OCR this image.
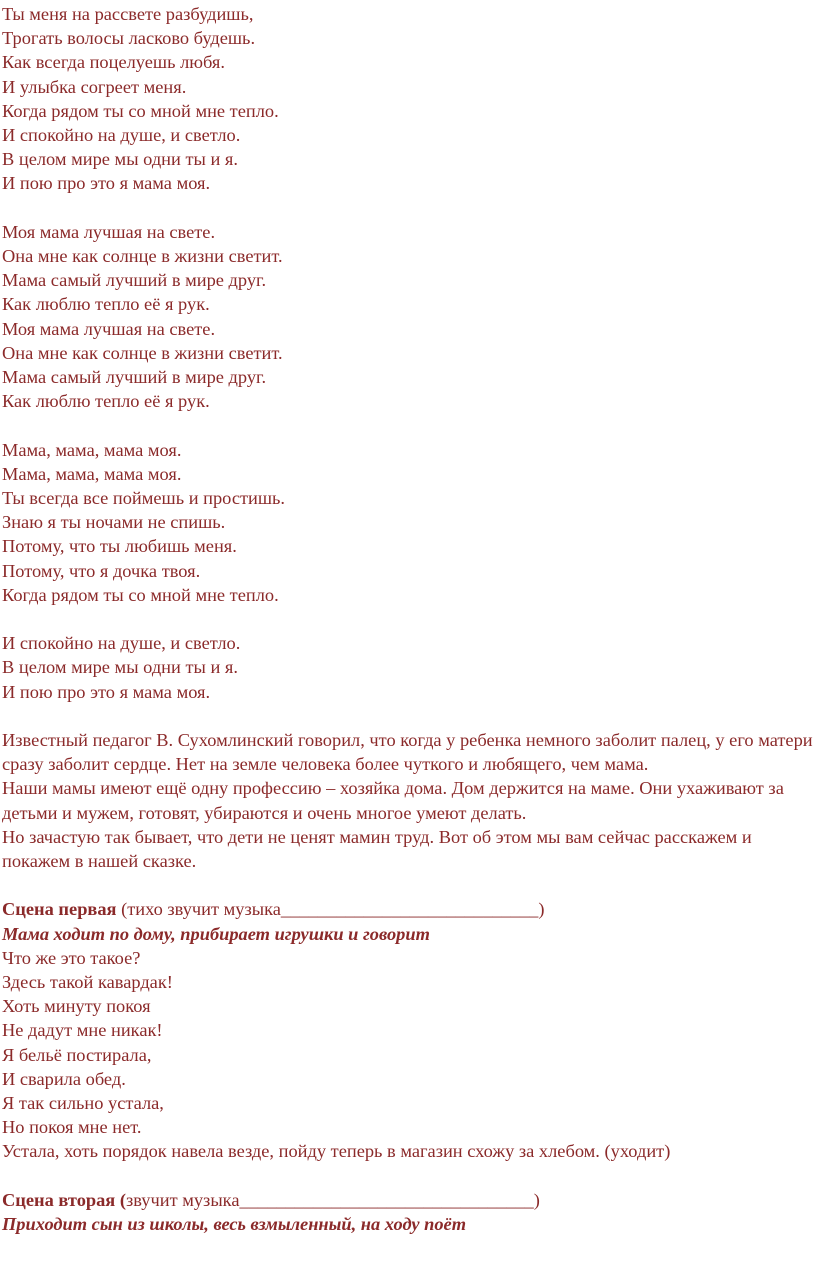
Ты меня на рассвете разбудишь,

Трогать волосы ласково будешь.

Как всегда поцелуешь любя.

И улыбка согреет меня.

Когда рядом ты со мной мне тепло.

И спокойно на душе, и светло.

В целом мире мы одни ты и я.

И пою про это я мама моя.

Моя мама лучшая на свете.

Она мне как солнце в жизни светит.

Мама самый лучший в мире друг.

Как люблю тепло её я рук.

Моя мама лучшая на свете.

Она мне как солнце в жизни светит.

Мама самый лучший в мире друг.

Как люблю тепло её я рук.

Мама, мама, мама моя.

Мама, мама, мама моя.

Ты всегда все поймешь и простишь.

Знаю я ты ночами не спишь.

Потому, что ты любишь меня.

Потому, что я дочка твоя.

Когда рядом ты со мной мне тепло.

И спокойно на душе, и светло.

В целом мире мы одни ты и я.

И пою про это я мама моя.

Известный педагог В. Сухомлинский говорил, что когда у ребенка немного заболит палец, у его матери сразу заболит сердце. Нет на земле человека более чуткого и любящего, чем мама.

Наши мамы имеют ещё одну профессию – хозяйка дома. Дом держится на маме. Они ухаживают за детьми и мужем, готовят, убираются и очень многое умеют делать.

Но зачастую так бывает, что дети не ценят мамин труд. Вот об этом мы вам сейчас расскажем и покажем в нашей сказке.

Сцена первая (тихо звучит музыка____________________________)

Мама ходит по дому, прибирает игрушки и говорит

Что же это такое?

Здесь такой кавардак!

Хоть минуту покоя

Не дадут мне никак!

Я бельё постирала,

И сварила обед.

Я так сильно устала,

Но покоя мне нет.

Устала, хоть порядок навела везде, пойду теперь в магазин схожу за хлебом. (уходит)

Сцена вторая (звучит музыка________________________________)

Приходит сын из школы, весь взмыленный, на ходу поёт
